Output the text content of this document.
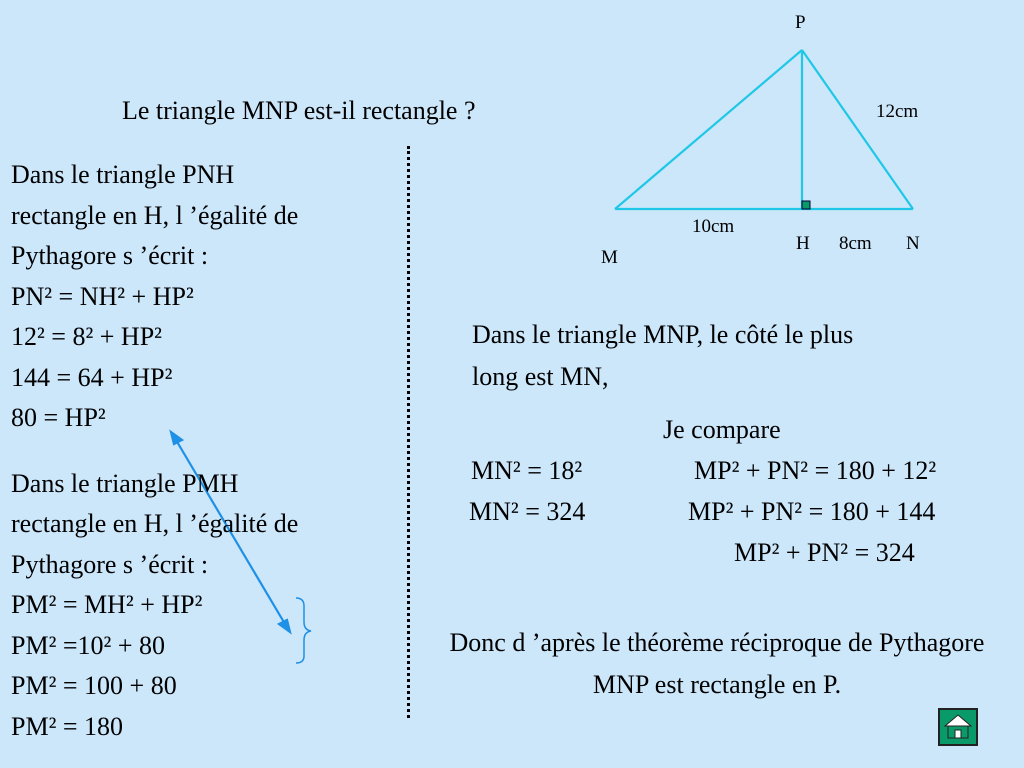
Le triangle MNP est-il rectangle ?
P
12cm
10cm
H 8cm N
M
Dans le triangle PNH
rectangle en H, l ’égalité de
Pythagore s ’écrit :
PN² = NH² + HP²
12² = 8² + HP²
144 = 64 + HP²
80 = HP²
Dans le triangle PMH
rectangle en H, l ’égalité de
Pythagore s ’écrit :
PM² = MH² + HP²
PM² =10² + 80
PM² = 100 + 80
PM² = 180
Dans le triangle MNP, le côté le plus
long est MN,
Je compare
MN² = 18²
MN² = 324
MP² + PN² = 180 + 12²
MP² + PN² = 180 + 144
MP² + PN² = 324
Donc d ’après le théorème réciproque de Pythagore MNP est rectangle en P.
